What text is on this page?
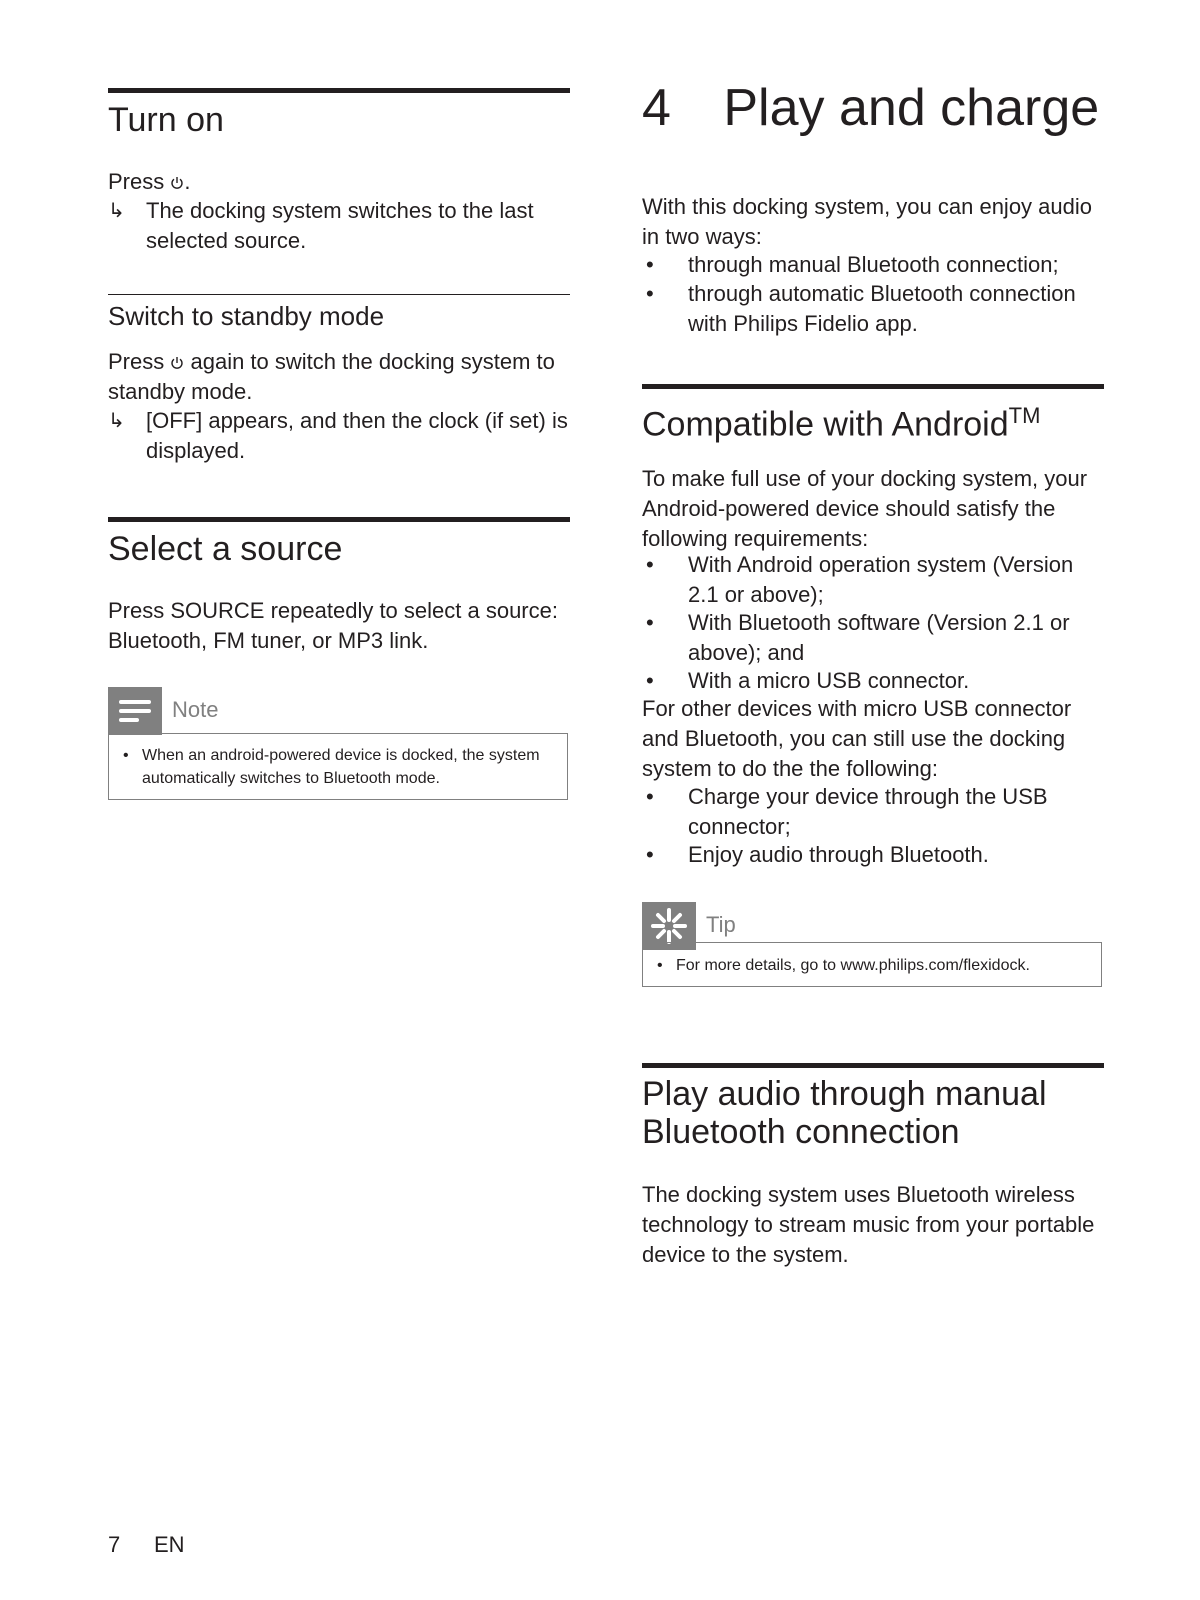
Turn on
Press .
↳ The docking system switches to the last selected source.
Switch to standby mode
Press  again to switch the docking system to standby mode.
↳ [OFF] appears, and then the clock (if set) is displayed.
Select a source
Press SOURCE repeatedly to select a source: Bluetooth, FM tuner, or MP3 link.
Note
• When an android-powered device is docked, the system automatically switches to Bluetooth mode.
7 EN
4 Play and charge
With this docking system, you can enjoy audio in two ways:
•	through manual Bluetooth connection;
•	through automatic Bluetooth connection with Philips Fidelio app.
Compatible with Android™
To make full use of your docking system, your Android-powered device should satisfy the following requirements:
•	With Android operation system (Version 2.1 or above);
•	With Bluetooth software (Version 2.1 or above); and
•	With a micro USB connector.
For other devices with micro USB connector and Bluetooth, you can still use the docking system to do the the following:
•	Charge your device through the USB connector;
•	Enjoy audio through Bluetooth.
Tip
• For more details, go to www.philips.com/flexidock.
Play audio through manual
Bluetooth connection
The docking system uses Bluetooth wireless technology to stream music from your portable device to the system.
